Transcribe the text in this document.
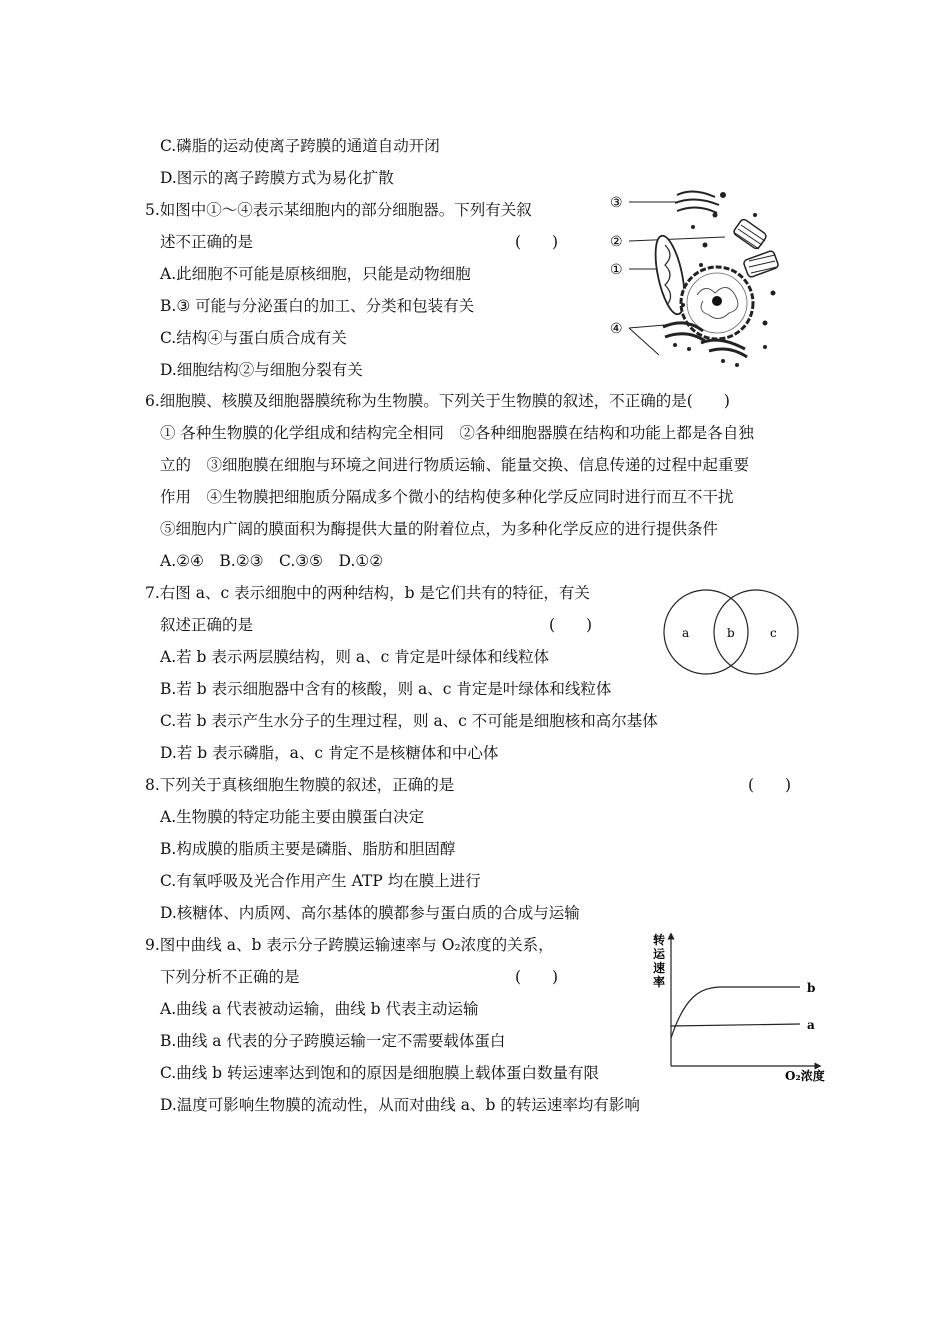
C.磷脂的运动使离子跨膜的通道自动开闭
D.图示的离子跨膜方式为易化扩散
5.如图中①～④表示某细胞内的部分细胞器。下列有关叙
述不正确的是	(　　)
A.此细胞不可能是原核细胞，只能是动物细胞
B.③ 可能与分泌蛋白的加工、分类和包装有关
C.结构④与蛋白质合成有关
D.细胞结构②与细胞分裂有关
③
②
①
④
6.细胞膜、核膜及细胞器膜统称为生物膜。下列关于生物膜的叙述，不正确的是(　　)
① 各种生物膜的化学组成和结构完全相同　②各种细胞器膜在结构和功能上都是各自独
立的　③细胞膜在细胞与环境之间进行物质运输、能量交换、信息传递的过程中起重要
作用　④生物膜把细胞质分隔成多个微小的结构使多种化学反应同时进行而互不干扰
⑤细胞内广阔的膜面积为酶提供大量的附着位点，为多种化学反应的进行提供条件
A.②④　B.②③　C.③⑤　D.①②
7.右图 a、c 表示细胞中的两种结构，b 是它们共有的特征，有关
叙述正确的是	(　　)
A.若 b 表示两层膜结构，则 a、c 肯定是叶绿体和线粒体
B.若 b 表示细胞器中含有的核酸，则 a、c 肯定是叶绿体和线粒体
C.若 b 表示产生水分子的生理过程，则 a、c 不可能是细胞核和高尔基体
D.若 b 表示磷脂，a、c 肯定不是核糖体和中心体
a	b	c
8.下列关于真核细胞生物膜的叙述，正确的是	(　　)
A.生物膜的特定功能主要由膜蛋白决定
B.构成膜的脂质主要是磷脂、脂肪和胆固醇
C.有氧呼吸及光合作用产生 ATP 均在膜上进行
D.核糖体、内质网、高尔基体的膜都参与蛋白质的合成与运输
9.图中曲线 a、b 表示分子跨膜运输速率与 O₂浓度的关系，
下列分析不正确的是	(　　)
A.曲线 a 代表被动运输，曲线 b 代表主动运输
B.曲线 a 代表的分子跨膜运输一定不需要载体蛋白
C.曲线 b 转运速率达到饱和的原因是细胞膜上载体蛋白数量有限
D.温度可影响生物膜的流动性，从而对曲线 a、b 的转运速率均有影响
转
运
速
率
O₂浓度
b
a
